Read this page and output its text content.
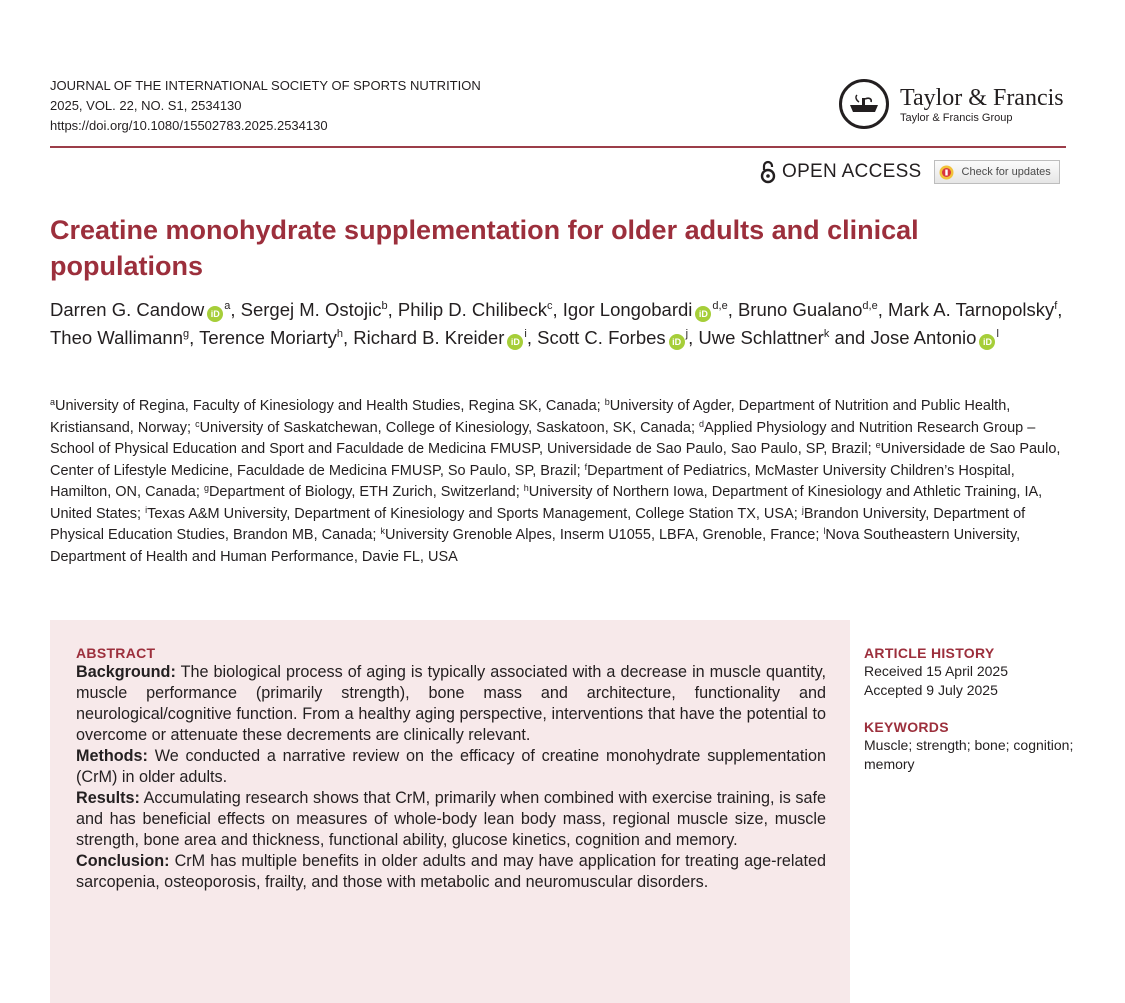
JOURNAL OF THE INTERNATIONAL SOCIETY OF SPORTS NUTRITION
2025, VOL. 22, NO. S1, 2534130
https://doi.org/10.1080/15502783.2025.2534130
Taylor & Francis
Taylor & Francis Group
OPEN ACCESS	Check for updates
Creatine monohydrate supplementation for older adults and clinical populations
Darren G. Candow $iD^a$, Sergej M. Ostojic$^b$, Philip D. Chilibeck$^c$, Igor Longobardi iD$^{d,e}$, Bruno Gualano$^{d,e}$, Mark A. Tarnopolsky$^f$, Theo Wallimann$^g$, Terence Moriarty$^h$, Richard B. Kreider $iD^i$, Scott C. Forbes $iD^j$, Uwe Schlattner$^k$ and Jose Antonio $iD^l$
$^a$University of Regina, Faculty of Kinesiology and Health Studies, Regina SK, Canada; $^b$University of Agder, Department of Nutrition and Public Health, Kristiansand, Norway; $^c$University of Saskatchewan, College of Kinesiology, Saskatoon, SK, Canada; $^d$Applied Physiology and Nutrition Research Group – School of Physical Education and Sport and Faculdade de Medicina FMUSP, Universidade de Sao Paulo, Sao Paulo, SP, Brazil; $^e$Universidade de Sao Paulo, Center of Lifestyle Medicine, Faculdade de Medicina FMUSP, So Paulo, SP, Brazil; $^f$Department of Pediatrics, McMaster University Children’s Hospital, Hamilton, ON, Canada; $^g$Department of Biology, ETH Zurich, Switzerland; $^h$University of Northern Iowa, Department of Kinesiology and Athletic Training, IA, United States; $^i$Texas A&M University, Department of Kinesiology and Sports Management, College Station TX, USA; $^j$Brandon University, Department of Physical Education Studies, Brandon MB, Canada; $^k$University Grenoble Alpes, Inserm U1055, LBFA, Grenoble, France; $^l$Nova Southeastern University, Department of Health and Human Performance, Davie FL, USA
ABSTRACT

Background: The biological process of aging is typically associated with a decrease in muscle quantity, muscle performance (primarily strength), bone mass and architecture, functionality and neurological/cognitive function. From a healthy aging perspective, interventions that have the potential to overcome or attenuate these decrements are clinically relevant.

Methods: We conducted a narrative review on the efficacy of creatine monohydrate supplementation (CrM) in older adults.

Results: Accumulating research shows that CrM, primarily when combined with exercise training, is safe and has beneficial effects on measures of whole-body lean body mass, regional muscle size, muscle strength, bone area and thickness, functional ability, glucose kinetics, cognition and memory.

Conclusion: CrM has multiple benefits in older adults and may have application for treating age-related sarcopenia, osteoporosis, frailty, and those with metabolic and neuromuscular disorders.

ARTICLE HISTORY
Received 15 April 2025
Accepted 9 July 2025
KEYWORDS
Muscle; strength; bone; cognition; memory
